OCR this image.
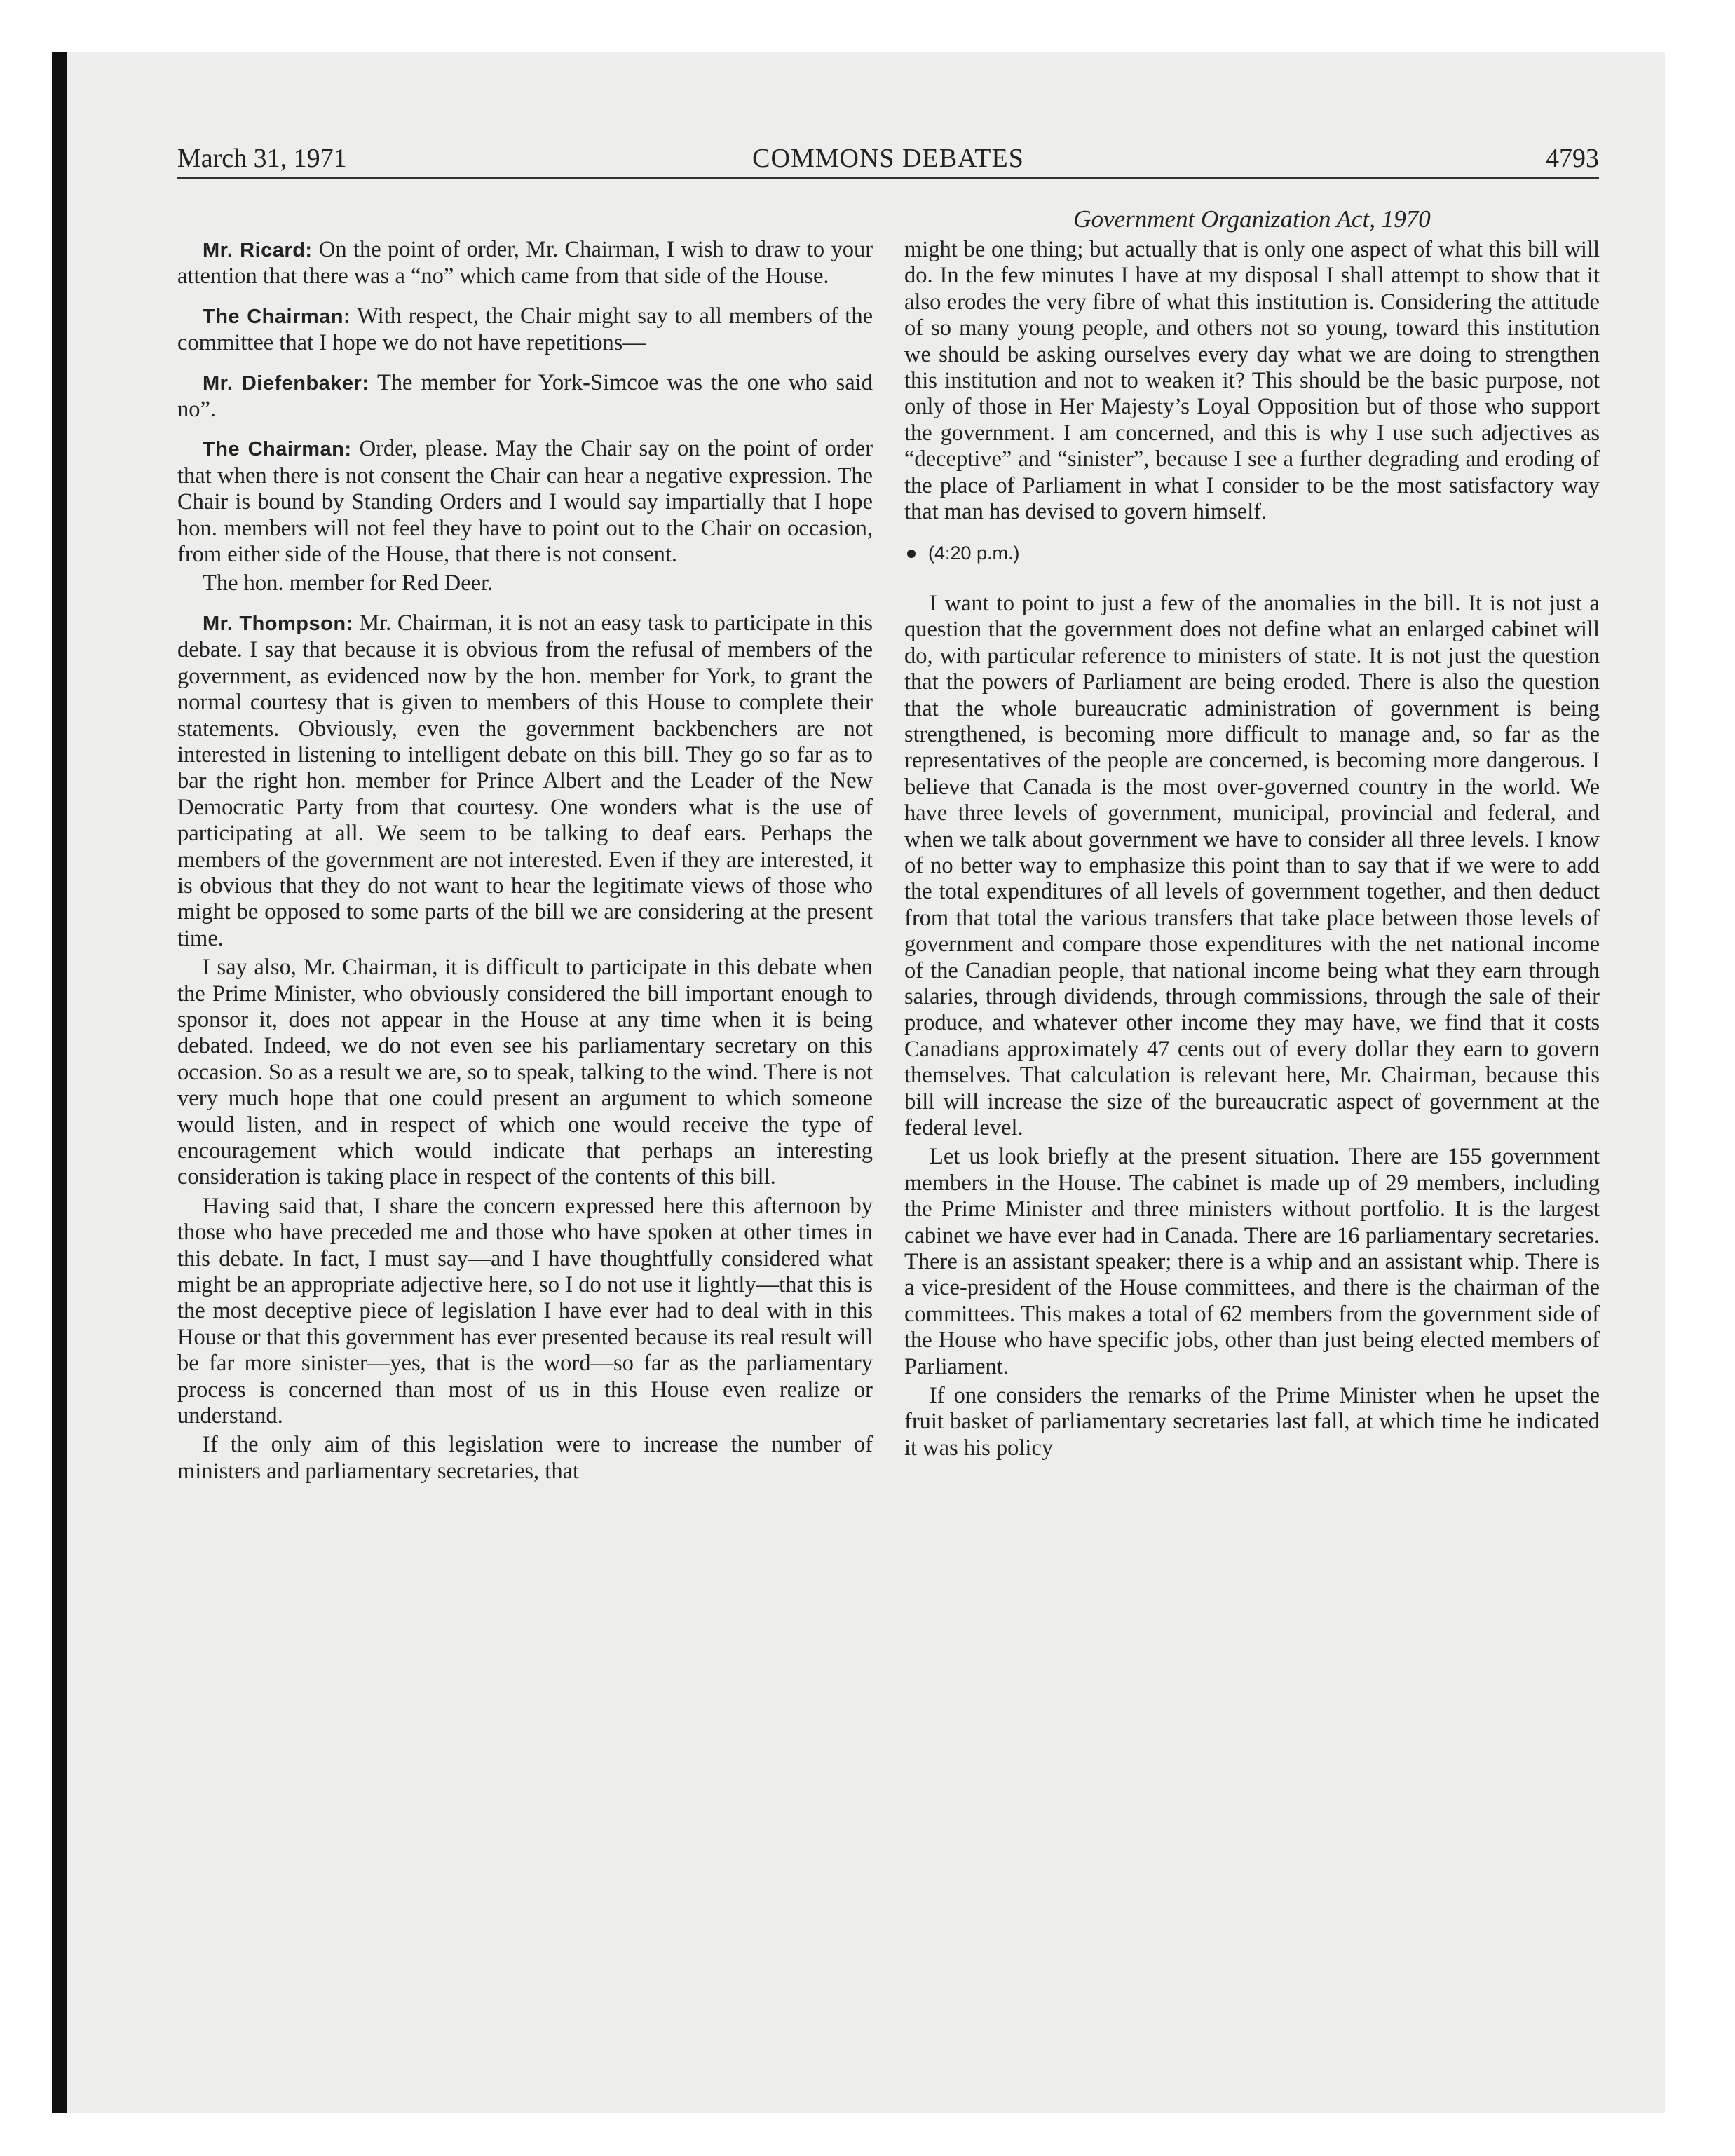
March 31, 1971	COMMONS DEBATES	4793
Government Organization Act, 1970

Mr. Ricard: On the point of order, Mr. Chairman, I wish to draw to your attention that there was a “no” which came from that side of the House.

The Chairman: With respect, the Chair might say to all members of the committee that I hope we do not have repetitions—

Mr. Diefenbaker: The member for York-Simcoe was the one who said no”.

The Chairman: Order, please. May the Chair say on the point of order that when there is not consent the Chair can hear a negative expression. The Chair is bound by Standing Orders and I would say impartially that I hope hon. members will not feel they have to point out to the Chair on occasion, from either side of the House, that there is not consent.

The hon. member for Red Deer.

Mr. Thompson: Mr. Chairman, it is not an easy task to participate in this debate. I say that because it is obvious from the refusal of members of the government, as evidenced now by the hon. member for York, to grant the normal courtesy that is given to members of this House to complete their statements. Obviously, even the government backbenchers are not interested in listening to intelligent debate on this bill. They go so far as to bar the right hon. member for Prince Albert and the Leader of the New Democratic Party from that courtesy. One wonders what is the use of participating at all. We seem to be talking to deaf ears. Perhaps the members of the government are not interested. Even if they are interested, it is obvious that they do not want to hear the legitimate views of those who might be opposed to some parts of the bill we are considering at the present time.

I say also, Mr. Chairman, it is difficult to participate in this debate when the Prime Minister, who obviously considered the bill important enough to sponsor it, does not appear in the House at any time when it is being debated. Indeed, we do not even see his parliamentary secretary on this occasion. So as a result we are, so to speak, talking to the wind. There is not very much hope that one could present an argument to which someone would listen, and in respect of which one would receive the type of encouragement which would indicate that perhaps an interesting consideration is taking place in respect of the contents of this bill.

Having said that, I share the concern expressed here this afternoon by those who have preceded me and those who have spoken at other times in this debate. In fact, I must say—and I have thoughtfully considered what might be an appropriate adjective here, so I do not use it lightly—that this is the most deceptive piece of legislation I have ever had to deal with in this House or that this government has ever presented because its real result will be far more sinister—yes, that is the word—so far as the parliamentary process is concerned than most of us in this House even realize or understand.

If the only aim of this legislation were to increase the number of ministers and parliamentary secretaries, that

might be one thing; but actually that is only one aspect of what this bill will do. In the few minutes I have at my disposal I shall attempt to show that it also erodes the very fibre of what this institution is. Considering the attitude of so many young people, and others not so young, toward this institution we should be asking ourselves every day what we are doing to strengthen this institution and not to weaken it? This should be the basic purpose, not only of those in Her Majesty’s Loyal Opposition but of those who support the government. I am concerned, and this is why I use such adjectives as “deceptive” and “sinister”, because I see a further degrading and eroding of the place of Parliament in what I consider to be the most satisfactory way that man has devised to govern himself.

(4:20 p.m.)

I want to point to just a few of the anomalies in the bill. It is not just a question that the government does not define what an enlarged cabinet will do, with particular reference to ministers of state. It is not just the question that the powers of Parliament are being eroded. There is also the question that the whole bureaucratic administration of government is being strengthened, is becoming more difficult to manage and, so far as the representatives of the people are concerned, is becoming more dangerous. I believe that Canada is the most over-governed country in the world. We have three levels of government, municipal, provincial and federal, and when we talk about government we have to consider all three levels. I know of no better way to emphasize this point than to say that if we were to add the total expenditures of all levels of government together, and then deduct from that total the various transfers that take place between those levels of government and compare those expenditures with the net national income of the Canadian people, that national income being what they earn through salaries, through dividends, through commissions, through the sale of their produce, and whatever other income they may have, we find that it costs Canadians approximately 47 cents out of every dollar they earn to govern themselves. That calculation is relevant here, Mr. Chairman, because this bill will increase the size of the bureaucratic aspect of government at the federal level.

Let us look briefly at the present situation. There are 155 government members in the House. The cabinet is made up of 29 members, including the Prime Minister and three ministers without portfolio. It is the largest cabinet we have ever had in Canada. There are 16 parliamentary secretaries. There is an assistant speaker; there is a whip and an assistant whip. There is a vice-president of the House committees, and there is the chairman of the committees. This makes a total of 62 members from the government side of the House who have specific jobs, other than just being elected members of Parliament.

If one considers the remarks of the Prime Minister when he upset the fruit basket of parliamentary secretaries last fall, at which time he indicated it was his policy
